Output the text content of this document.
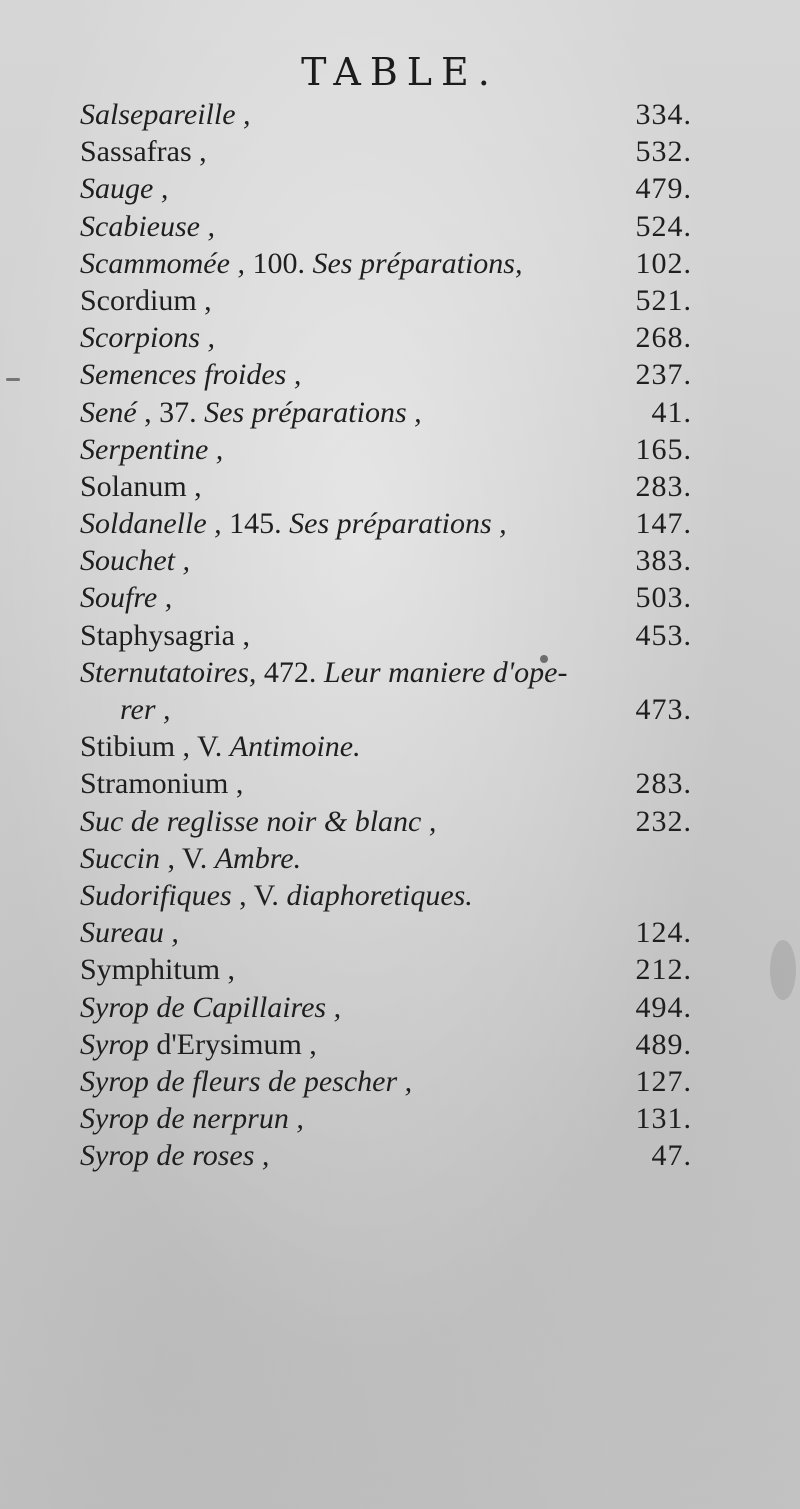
TABLE.
Salsepareille ,	334.
Sassafras ,	532.
Sauge ,	479.
Scabieuse ,	524.
Scammomée , 100. Ses préparations,	102.
Scordium ,	521.
Scorpions ,	268.
Semences froides ,	237.
Sené , 37. Ses préparations ,	41.
Serpentine ,	165.
Solanum ,	283.
Soldanelle , 145. Ses préparations ,	147.
Souchet ,	383.
Soufre ,	503.
Staphysagria ,	453.
Sternutatoires, 472. Leur maniere d'ope-
rer ,	473.
Stibium , V. Antimoine.
Stramonium ,	283.
Suc de reglisse noir & blanc ,	232.
Succin , V. Ambre.
Sudorifiques , V. diaphoretiques.
Sureau ,	124.
Symphitum ,	212.
Syrop de Capillaires ,	494.
Syrop d'Erysimum ,	489.
Syrop de fleurs de pescher ,	127.
Syrop de nerprun ,	131.
Syrop de roses ,	47.
